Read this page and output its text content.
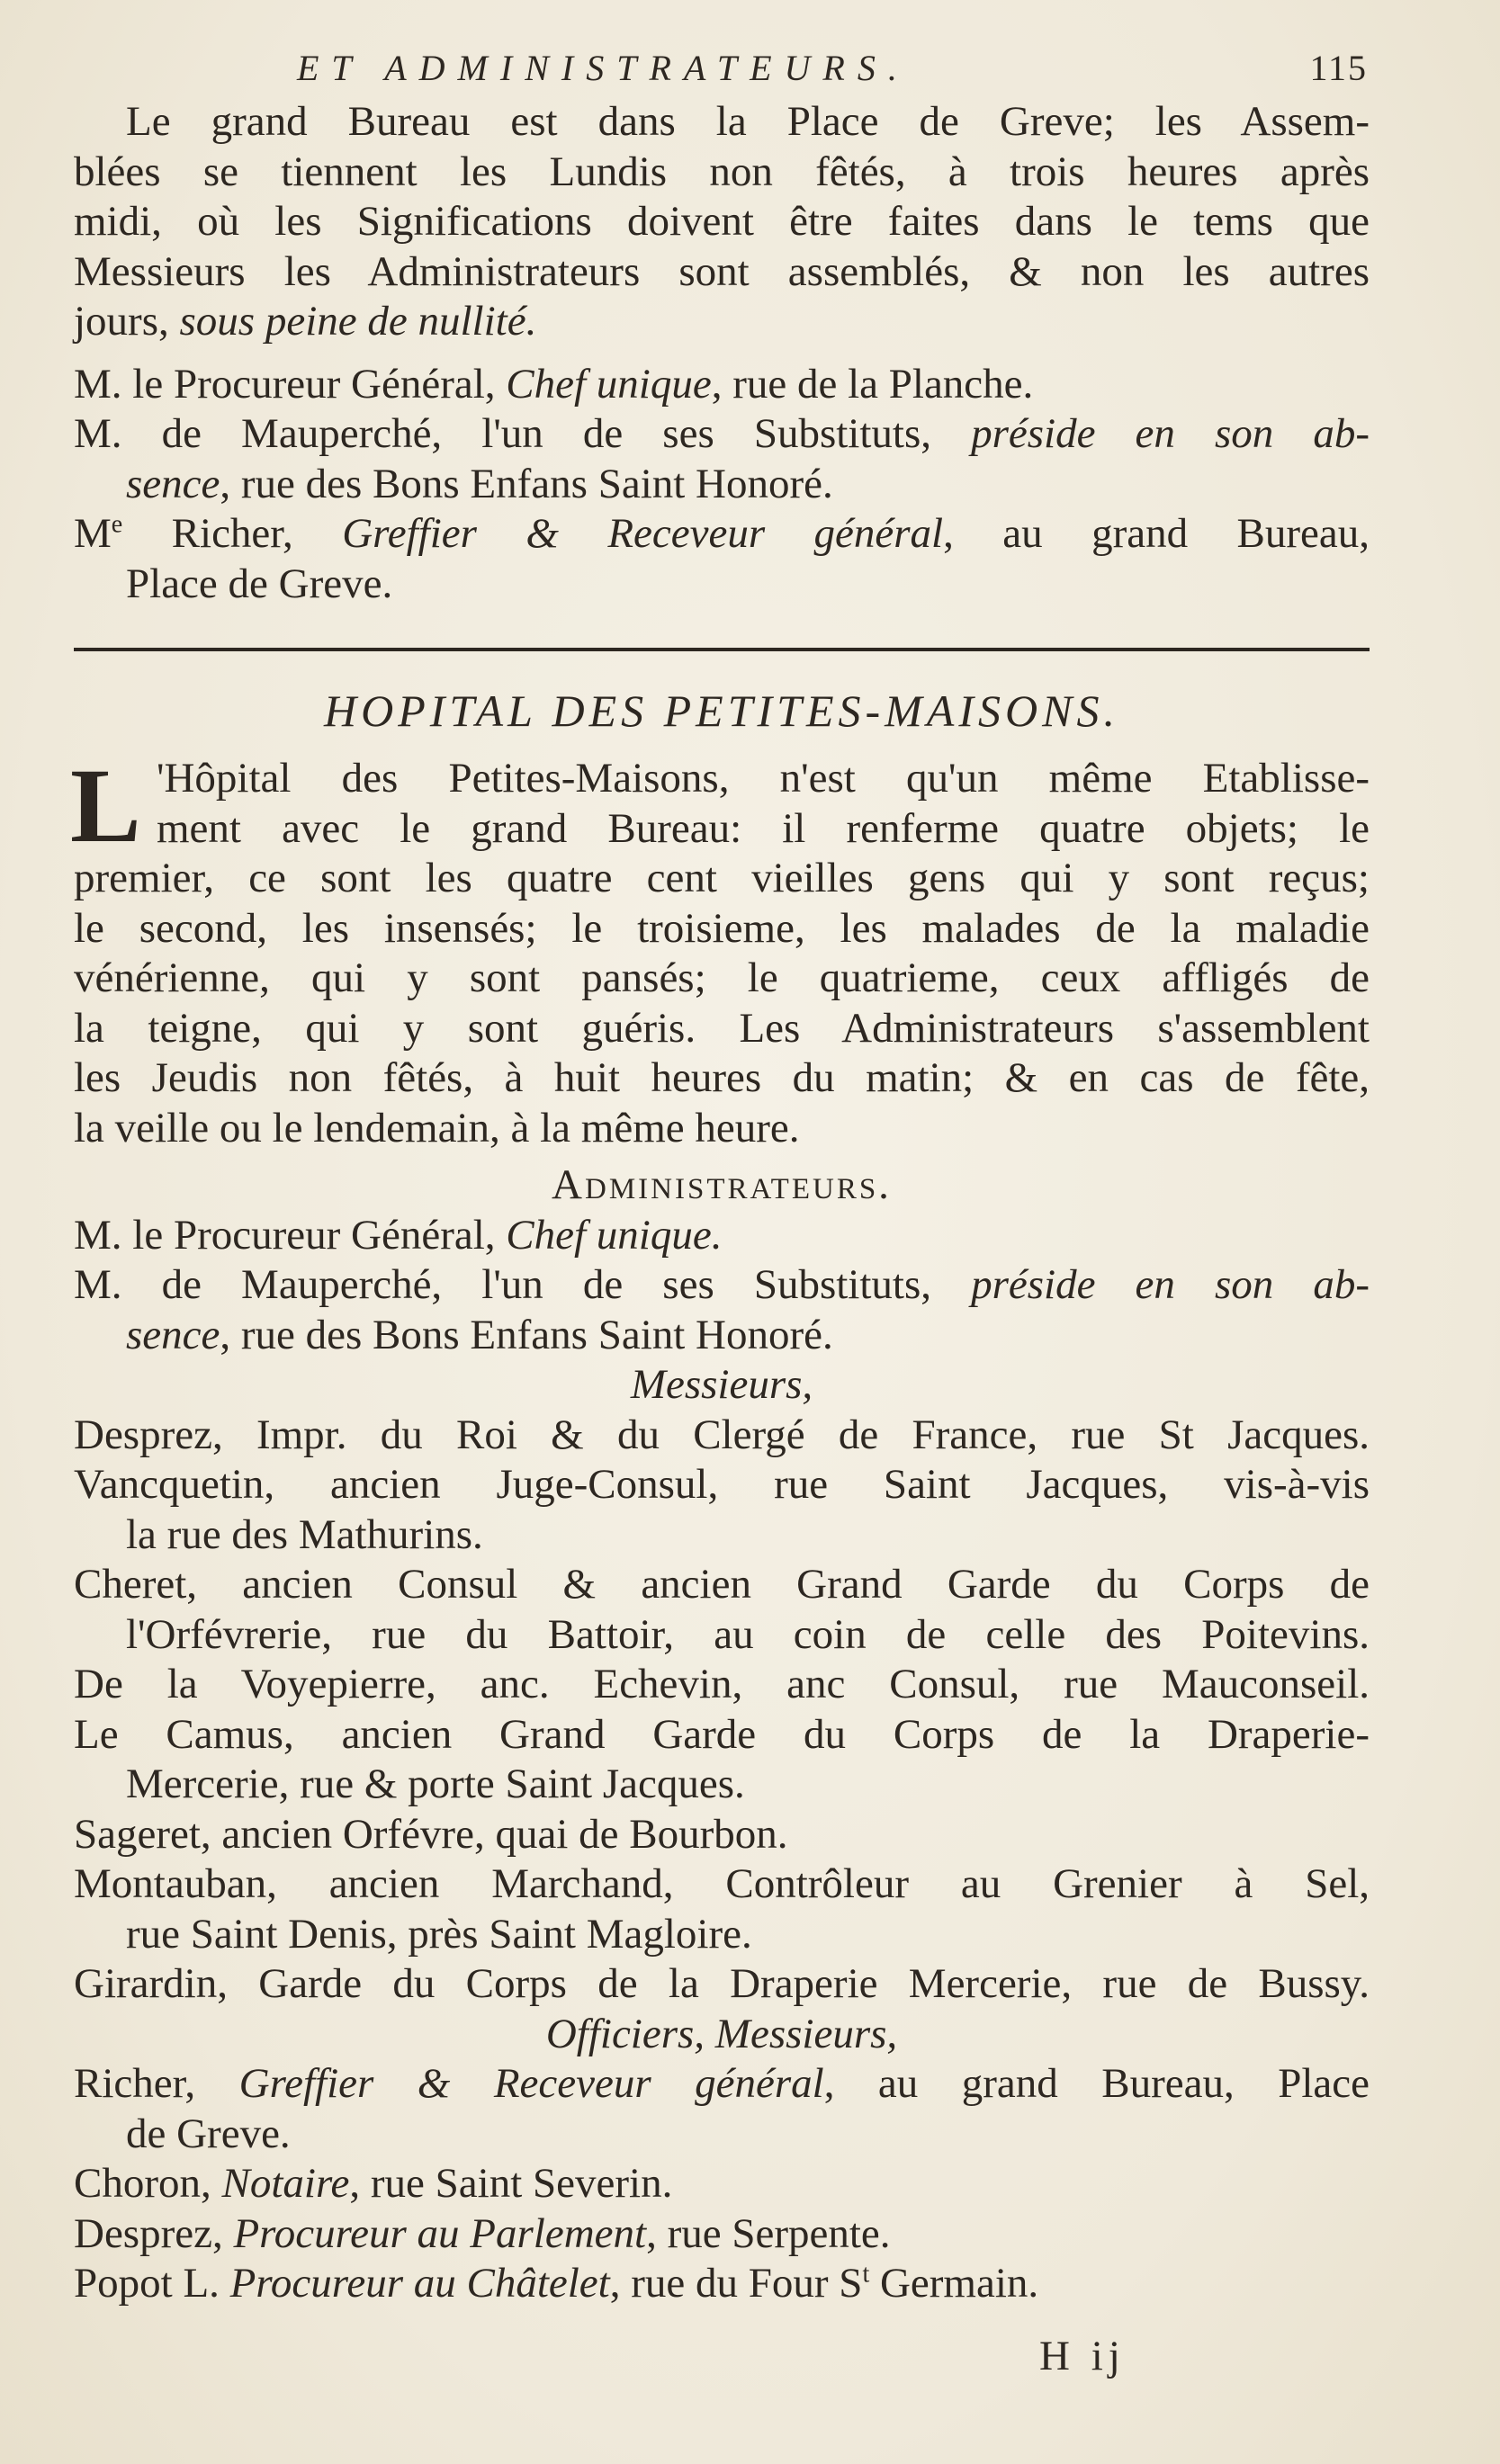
ET ADMINISTRATEURS.	115
Le grand Bureau est dans la Place de Greve; les Assem-
blées se tiennent les Lundis non fêtés, à trois heures après
midi, où les Significations doivent être faites dans le tems que
Messieurs les Administrateurs sont assemblés, & non les autres
jours, sous peine de nullité.
M. le Procureur Général, Chef unique, rue de la Planche.
M. de Mauperché, l'un de ses Substituts, préside en son ab-
sence, rue des Bons Enfans Saint Honoré.
Me Richer, Greffier & Receveur général, au grand Bureau,
Place de Greve.
HOPITAL DES PETITES-MAISONS.
L 'Hôpital des Petites-Maisons, n'est qu'un même Etablisse-
ment avec le grand Bureau: il renferme quatre objets; le
premier, ce sont les quatre cent vieilles gens qui y sont reçus;
le second, les insensés; le troisieme, les malades de la maladie
vénérienne, qui y sont pansés; le quatrieme, ceux affligés de
la teigne, qui y sont guéris. Les Administrateurs s'assemblent
les Jeudis non fêtés, à huit heures du matin; & en cas de fête,
la veille ou le lendemain, à la même heure.
Administrateurs.
M. le Procureur Général, Chef unique.
M. de Mauperché, l'un de ses Substituts, préside en son ab-
sence, rue des Bons Enfans Saint Honoré.
Messieurs,
Desprez, Impr. du Roi & du Clergé de France, rue St Jacques.
Vancquetin, ancien Juge-Consul, rue Saint Jacques, vis-à-vis
la rue des Mathurins.
Cheret, ancien Consul & ancien Grand Garde du Corps de
l'Orfévrerie, rue du Battoir, au coin de celle des Poitevins.
De la Voyepierre, anc. Echevin, anc Consul, rue Mauconseil.
Le Camus, ancien Grand Garde du Corps de la Draperie-
Mercerie, rue & porte Saint Jacques.
Sageret, ancien Orfévre, quai de Bourbon.
Montauban, ancien Marchand, Contrôleur au Grenier à Sel,
rue Saint Denis, près Saint Magloire.
Girardin, Garde du Corps de la Draperie Mercerie, rue de Bussy.
Officiers, Messieurs,
Richer, Greffier & Receveur général, au grand Bureau, Place
de Greve.
Choron, Notaire, rue Saint Severin.
Desprez, Procureur au Parlement, rue Serpente.
Popot L. Procureur au Châtelet, rue du Four $S^t$ Germain.
H ij
